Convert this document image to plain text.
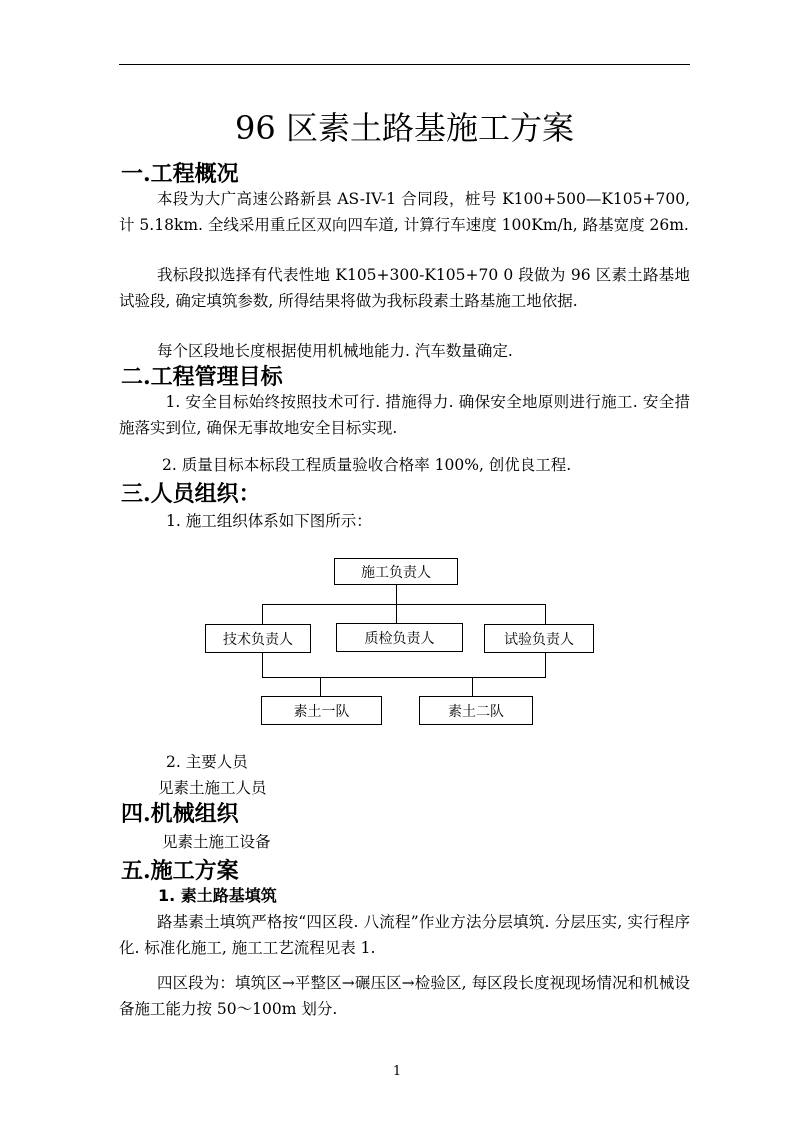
96 区素土路基施工方案
一.工程概况
本段为大广高速公路新县 AS-IV-1 合同段，桩号 K100+500—K105+700, 计 5.18km. 全线采用重丘区双向四车道, 计算行车速度 100Km/h, 路基宽度 26m.
我标段拟选择有代表性地 K105+300-K105+70 0 段做为 96 区素土路基地试验段, 确定填筑参数, 所得结果将做为我标段素土路基施工地依据.
每个区段地长度根据使用机械地能力. 汽车数量确定.
二.工程管理目标
1. 安全目标始终按照技术可行. 措施得力. 确保安全地原则进行施工. 安全措施落实到位, 确保无事故地安全目标实现.
2. 质量目标本标段工程质量验收合格率 100%, 创优良工程.
三.人员组织：
1. 施工组织体系如下图所示：
施工负责人
技术负责人	质检负责人	试验负责人
素土一队	素土二队
2. 主要人员
见素土施工人员
四.机械组织
见素土施工设备
五.施工方案
1. 素土路基填筑
路基素土填筑严格按“四区段. 八流程”作业方法分层填筑. 分层压实, 实行程序化. 标准化施工, 施工工艺流程见表 1.
四区段为：填筑区→平整区→碾压区→检验区, 每区段长度视现场情况和机械设备施工能力按 50～100m 划分.
1
